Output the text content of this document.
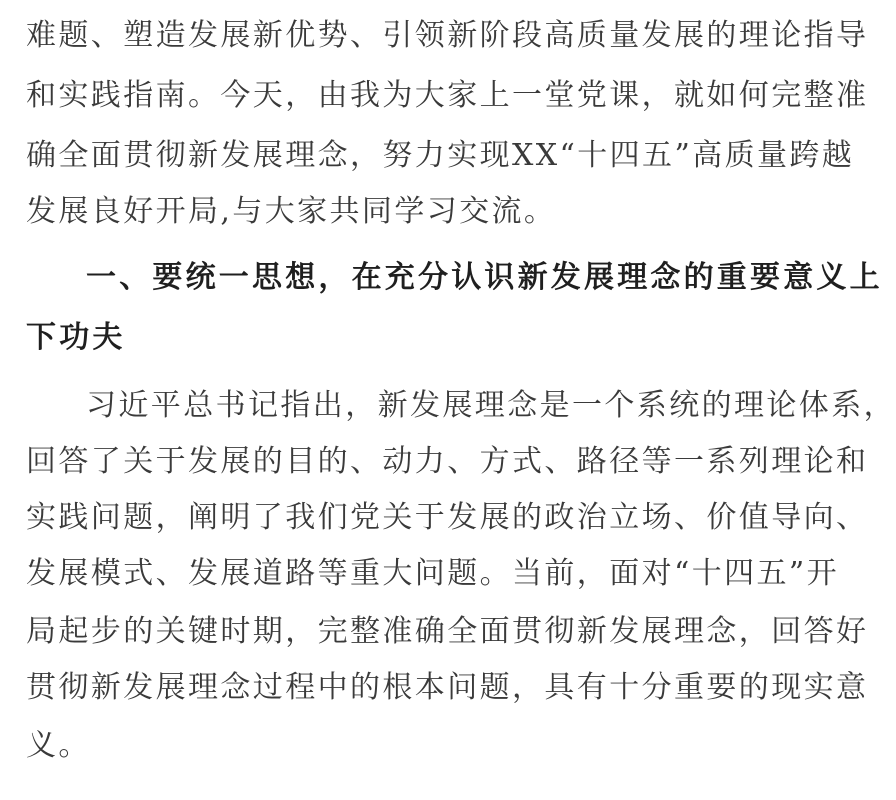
难题、塑造发展新优势、引领新阶段高质量发展的理论指导
和实践指南。今天，由我为大家上一堂党课，就如何完整准
确全面贯彻新发展理念，努力实现XX“十四五”高质量跨越
发展良好开局,与大家共同学习交流。
一、要统一思想，在充分认识新发展理念的重要意义上
下功夫
习近平总书记指出，新发展理念是一个系统的理论体系，
回答了关于发展的目的、动力、方式、路径等一系列理论和
实践问题，阐明了我们党关于发展的政治立场、价值导向、
发展模式、发展道路等重大问题。当前，面对“十四五”开
局起步的关键时期，完整准确全面贯彻新发展理念，回答好
贯彻新发展理念过程中的根本问题，具有十分重要的现实意
义。
